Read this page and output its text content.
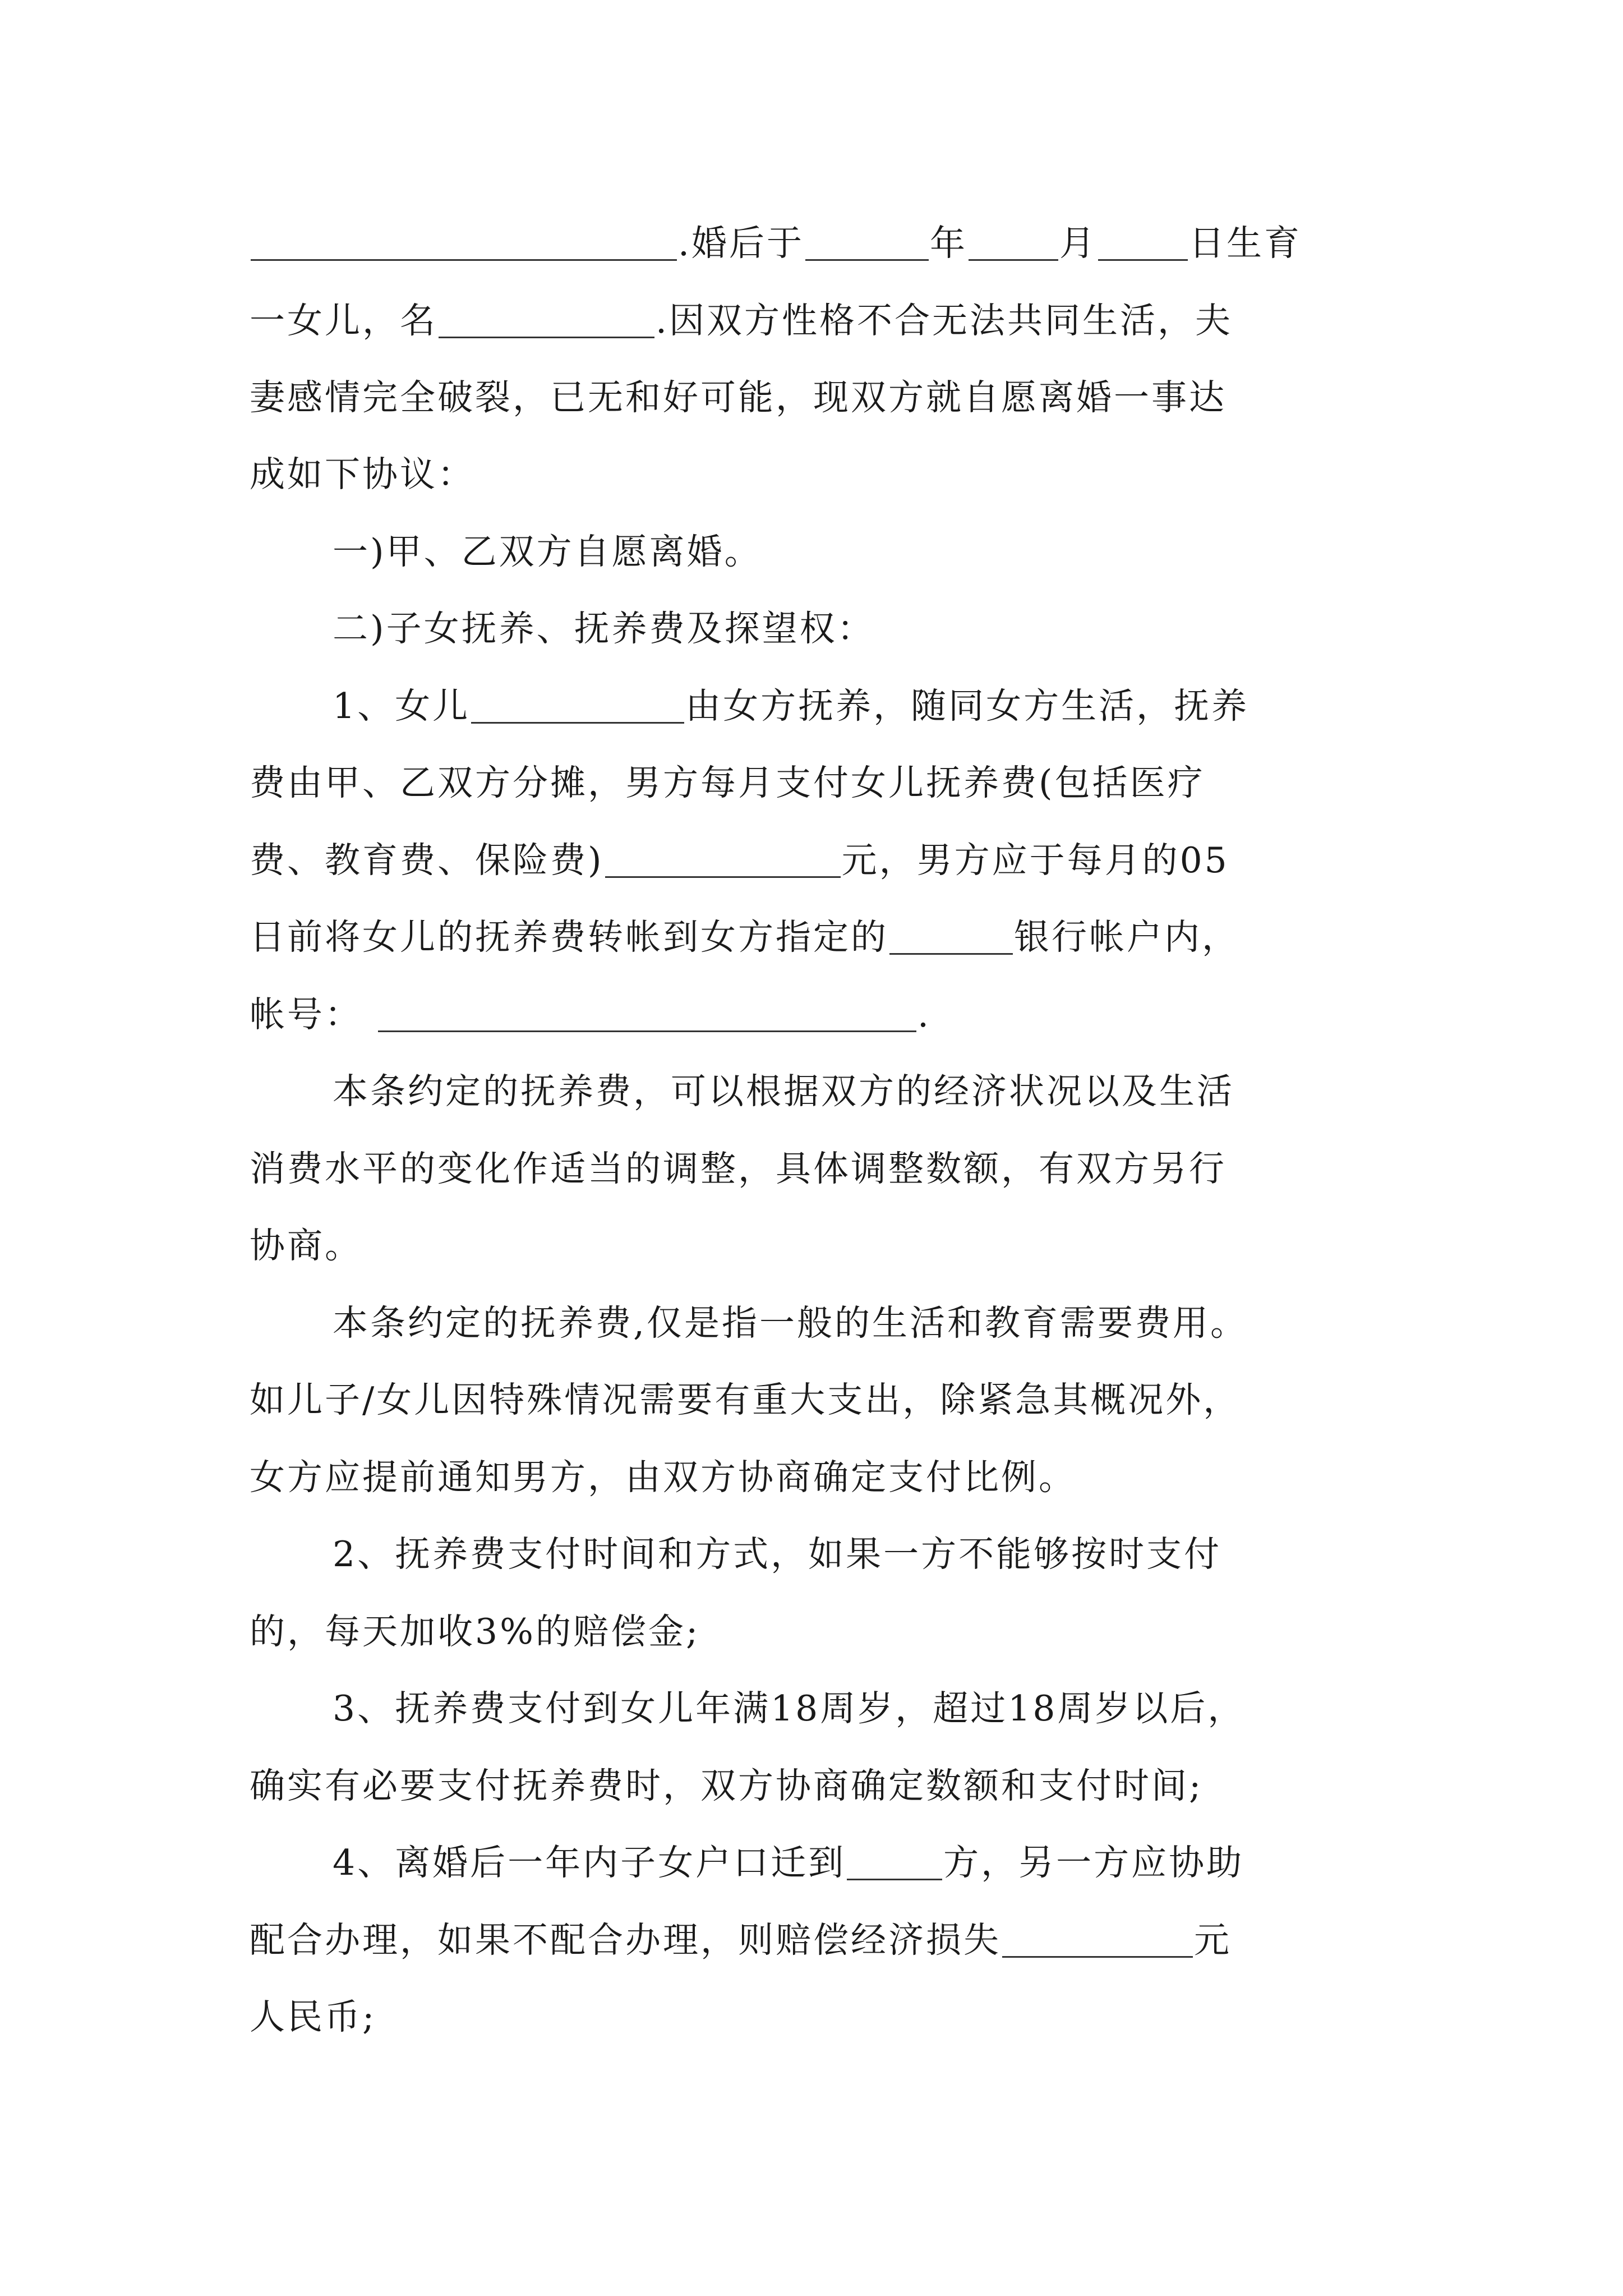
.婚后于	年	月	日生育
一女儿，名	.因双方性格不合无法共同生活，夫
妻感情完全破裂，已无和好可能，现双方就自愿离婚一事达
成如下协议：
一)甲、乙双方自愿离婚。
二)子女抚养、抚养费及探望权：
1、女儿	由女方抚养，随同女方生活，抚养
费由甲、乙双方分摊，男方每月支付女儿抚养费(包括医疗
费、教育费、保险费)	元，男方应于每月的05
日前将女儿的抚养费转帐到女方指定的	银行帐户内，
帐号：	.
本条约定的抚养费，可以根据双方的经济状况以及生活
消费水平的变化作适当的调整，具体调整数额，有双方另行
协商。
本条约定的抚养费,仅是指一般的生活和教育需要费用。
如儿子/女儿因特殊情况需要有重大支出，除紧急其概况外，
女方应提前通知男方，由双方协商确定支付比例。
2、抚养费支付时间和方式，如果一方不能够按时支付
的，每天加收3%的赔偿金;
3、抚养费支付到女儿年满18周岁，超过18周岁以后，
确实有必要支付抚养费时，双方协商确定数额和支付时间;
4、离婚后一年内子女户口迁到	方，另一方应协助
配合办理，如果不配合办理，则赔偿经济损失	元
人民币;
